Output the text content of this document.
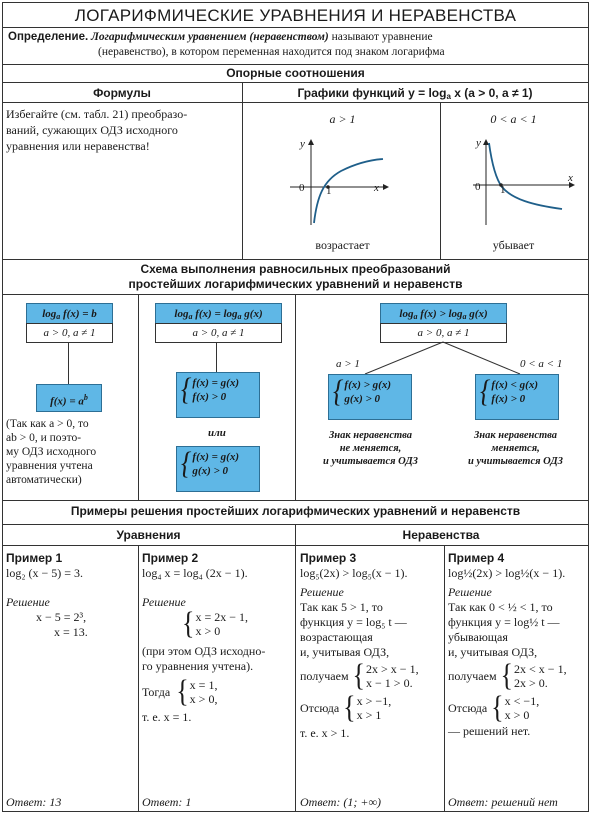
ЛОГАРИФМИЧЕСКИЕ УРАВНЕНИЯ И НЕРАВЕНСТВА
Определение. Логарифмическим уравнением (неравенством) называют уравнение
(неравенство), в котором переменная находится под знаком логарифма
Опорные соотношения
Формулы	Графики функций $y = \log_a x$ (a > 0, a ≠ 1)
Избегайте (см. табл. 21) преобразо-
ваний, сужающих ОДЗ исходного
уравнения или неравенства!
a > 1
y
x
0 1
возрастает
0 < a < 1
y
x
0 1
убывает
Схема выполнения равносильных преобразований
простейших логарифмических уравнений и неравенств
$\log_a f(x) = b$
a > 0, a ≠ 1
$f(x) = a^b$
(Так как a > 0, то
ab > 0, и поэто-
му ОДЗ исходного
уравнения учтена
автоматически)
$\log_a f(x) = \log_a g(x)$
a > 0, a ≠ 1
{ f(x) = g(x)
f(x) > 0
или
{ f(x) = g(x)
g(x) > 0
$\log_a f(x) > \log_a g(x)$
a > 0, a ≠ 1
a > 1	0 < a < 1
{ f(x) > g(x)
g(x) > 0	{ f(x) < g(x)
f(x) > 0
Знак неравенства
не меняется,
и учитывается ОДЗ
Знак неравенства
меняется,
и учитывается ОДЗ
Примеры решения простейших логарифмических уравнений и неравенств
Уравнения	Неравенства
Пример 1
log₂ (x − 5) = 3.
Решение
x − 5 = 2³,
x = 13.
Ответ: 13
Пример 2
log₄ x = log₄ (2x − 1).
Решение
{ x = 2x − 1,
x > 0
(при этом ОДЗ исходно-
го уравнения учтена).
Тогда { x = 1,
x > 0,
т. е. x = 1.
Ответ: 1
Пример 3
log₅(2x) > log₅(x − 1).
Решение
Так как 5 > 1, то
функция y = log₅ t —
возрастающая
и, учитывая ОДЗ,
получаем { 2x > x − 1,
x − 1 > 0.

Отсюда { x > −1,
x > 1
т. е. x > 1.
Ответ: (1; +∞)
Пример 4
log½(2x) > log½(x − 1).
Решение
Так как 0 < ½ < 1, то
функция y = log½ t —
убывающая
и, учитывая ОДЗ,
получаем { 2x < x − 1,
2x > 0.

Отсюда { x < −1,
x > 0
— решений нет.
Ответ: решений нет
